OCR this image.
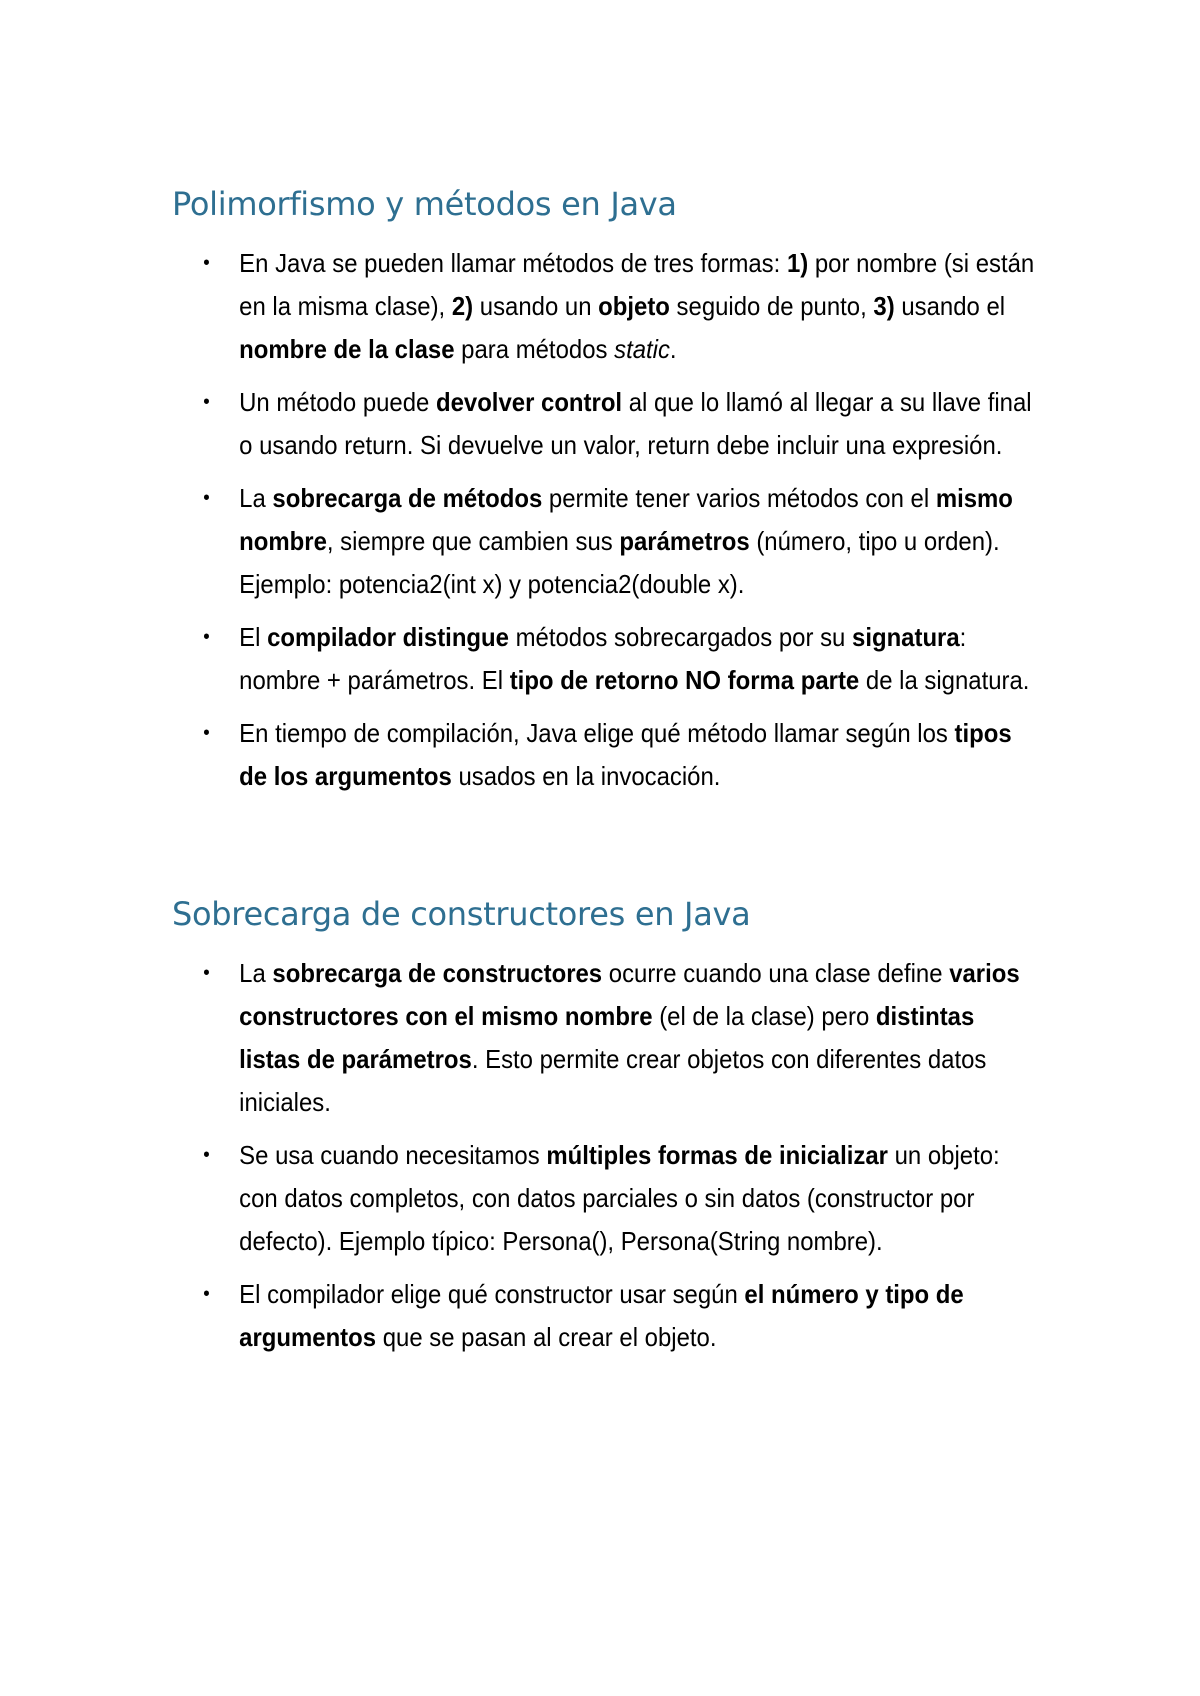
Polimorfismo y métodos en Java
• En Java se pueden llamar métodos de tres formas: 1) por nombre (si están en la misma clase), 2) usando un objeto seguido de punto, 3) usando el nombre de la clase para métodos static.
• Un método puede devolver control al que lo llamó al llegar a su llave final o usando return. Si devuelve un valor, return debe incluir una expresión.
• La sobrecarga de métodos permite tener varios métodos con el mismo nombre, siempre que cambien sus parámetros (número, tipo u orden). Ejemplo: potencia2(int x) y potencia2(double x).
• El compilador distingue métodos sobrecargados por su signatura: nombre + parámetros. El tipo de retorno NO forma parte de la signatura.
• En tiempo de compilación, Java elige qué método llamar según los tipos de los argumentos usados en la invocación.
Sobrecarga de constructores en Java
• La sobrecarga de constructores ocurre cuando una clase define varios constructores con el mismo nombre (el de la clase) pero distintas listas de parámetros. Esto permite crear objetos con diferentes datos iniciales.
• Se usa cuando necesitamos múltiples formas de inicializar un objeto: con datos completos, con datos parciales o sin datos (constructor por defecto). Ejemplo típico: Persona(), Persona(String nombre).
• El compilador elige qué constructor usar según el número y tipo de argumentos que se pasan al crear el objeto.
